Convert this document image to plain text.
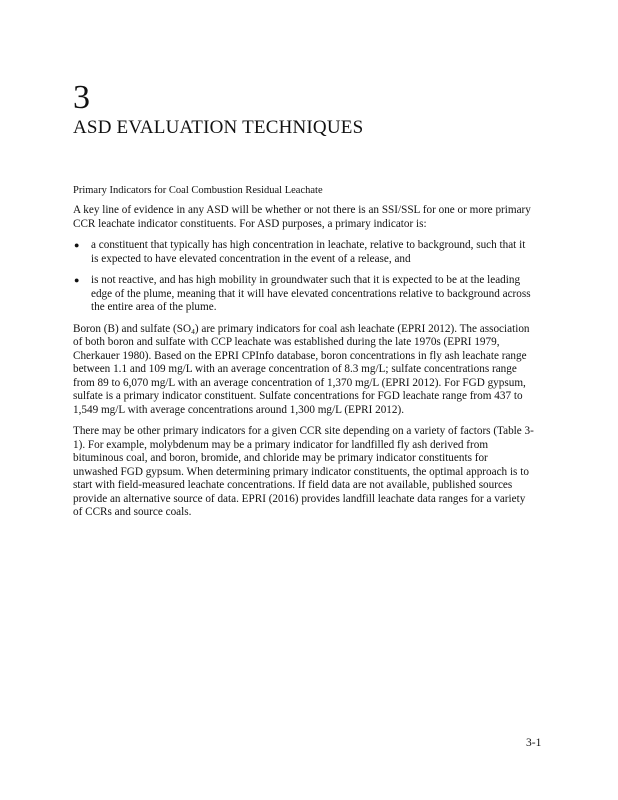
3
ASD EVALUATION TECHNIQUES
Primary Indicators for Coal Combustion Residual Leachate

A key line of evidence in any ASD will be whether or not there is an SSI/SSL for one or more primary CCR leachate indicator constituents. For ASD purposes, a primary indicator is:

● a constituent that typically has high concentration in leachate, relative to background, such that it is expected to have elevated concentration in the event of a release, and
● is not reactive, and has high mobility in groundwater such that it is expected to be at the leading edge of the plume, meaning that it will have elevated concentrations relative to background across the entire area of the plume.

Boron (B) and sulfate $(SO_4)$ are primary indicators for coal ash leachate (EPRI 2012). The association of both boron and sulfate with CCP leachate was established during the late 1970s (EPRI 1979, Cherkauer 1980). Based on the EPRI CPInfo database, boron concentrations in fly ash leachate range between 1.1 and 109 mg/L with an average concentration of 8.3 mg/L; sulfate concentrations range from 89 to 6,070 mg/L with an average concentration of 1,370 mg/L (EPRI 2012). For FGD gypsum, sulfate is a primary indicator constituent. Sulfate concentrations for FGD leachate range from 437 to 1,549 mg/L with average concentrations around 1,300 mg/L (EPRI 2012).

There may be other primary indicators for a given CCR site depending on a variety of factors (Table 3-1). For example, molybdenum may be a primary indicator for landfilled fly ash derived from bituminous coal, and boron, bromide, and chloride may be primary indicator constituents for unwashed FGD gypsum. When determining primary indicator constituents, the optimal approach is to start with field-measured leachate concentrations. If field data are not available, published sources provide an alternative source of data. EPRI (2016) provides landfill leachate data ranges for a variety of CCRs and source coals.

3-1
